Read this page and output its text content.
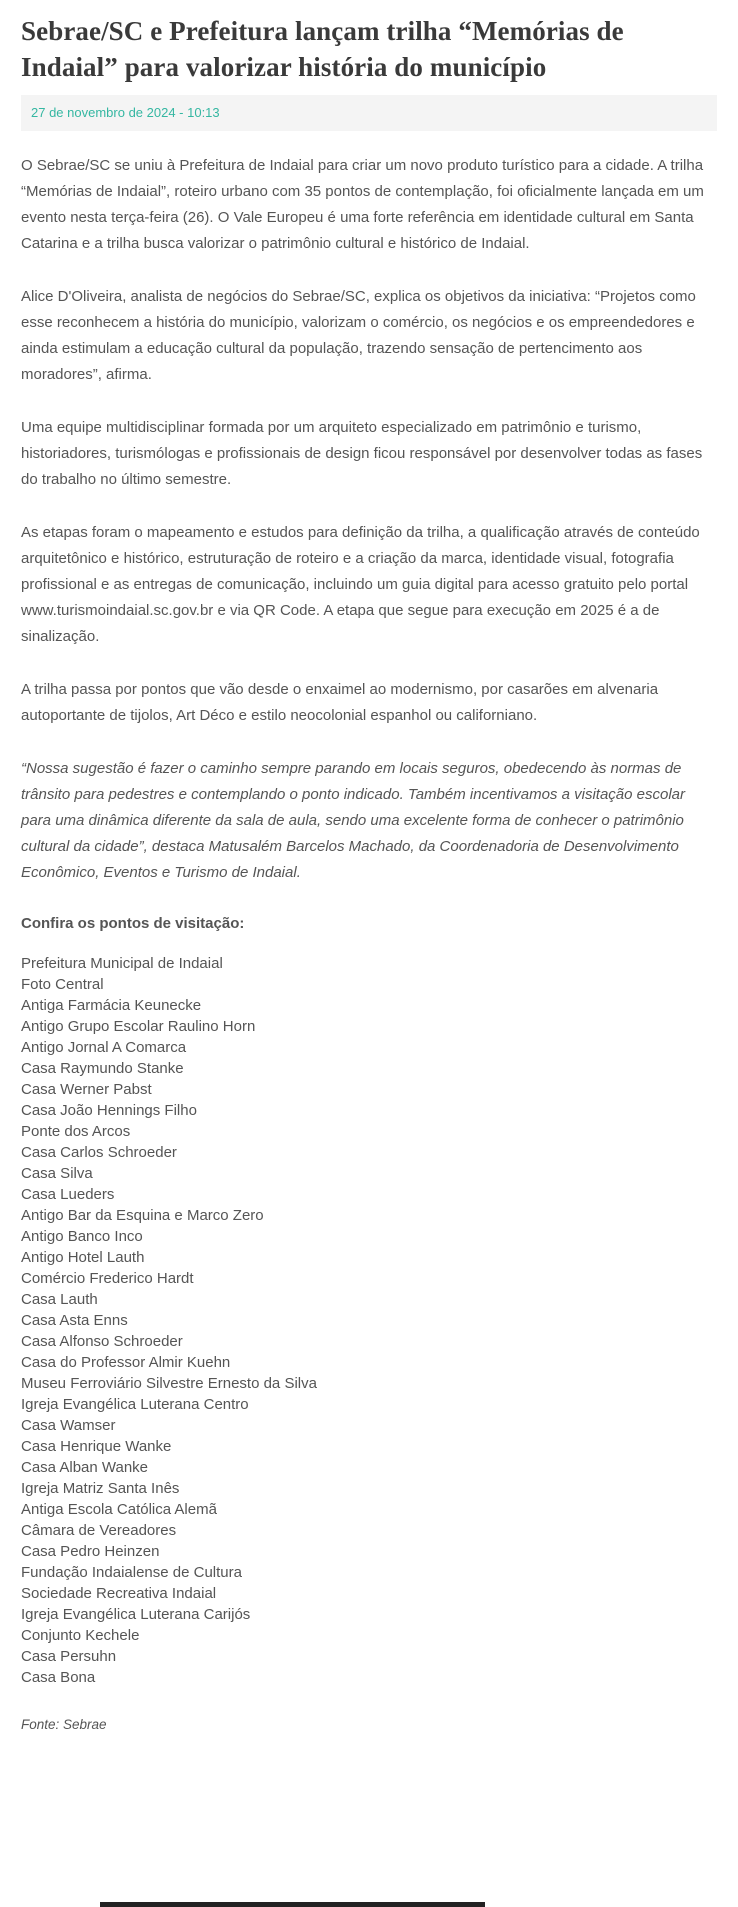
Sebrae/SC e Prefeitura lançam trilha “Memórias de Indaial” para valorizar história do município
27 de novembro de 2024 - 10:13

O Sebrae/SC se uniu à Prefeitura de Indaial para criar um novo produto turístico para a cidade. A trilha “Memórias de Indaial”, roteiro urbano com 35 pontos de contemplação, foi oficialmente lançada em um evento nesta terça-feira (26). O Vale Europeu é uma forte referência em identidade cultural em Santa Catarina e a trilha busca valorizar o patrimônio cultural e histórico de Indaial.

Alice D'Oliveira, analista de negócios do Sebrae/SC, explica os objetivos da iniciativa: “Projetos como esse reconhecem a história do município, valorizam o comércio, os negócios e os empreendedores e ainda estimulam a educação cultural da população, trazendo sensação de pertencimento aos moradores”, afirma.

Uma equipe multidisciplinar formada por um arquiteto especializado em patrimônio e turismo, historiadores, turismólogas e profissionais de design ficou responsável por desenvolver todas as fases do trabalho no último semestre.

As etapas foram o mapeamento e estudos para definição da trilha, a qualificação através de conteúdo arquitetônico e histórico, estruturação de roteiro e a criação da marca, identidade visual, fotografia profissional e as entregas de comunicação, incluindo um guia digital para acesso gratuito pelo portal www.turismoindaial.sc.gov.br e via QR Code. A etapa que segue para execução em 2025 é a de sinalização.

A trilha passa por pontos que vão desde o enxaimel ao modernismo, por casarões em alvenaria autoportante de tijolos, Art Déco e estilo neocolonial espanhol ou californiano.

“Nossa sugestão é fazer o caminho sempre parando em locais seguros, obedecendo às normas de trânsito para pedestres e contemplando o ponto indicado. Também incentivamos a visitação escolar para uma dinâmica diferente da sala de aula, sendo uma excelente forma de conhecer o patrimônio cultural da cidade”, destaca Matusalém Barcelos Machado, da Coordenadoria de Desenvolvimento Econômico, Eventos e Turismo de Indaial.

Confira os pontos de visitação:

Prefeitura Municipal de Indaial
Foto Central
Antiga Farmácia Keunecke
Antigo Grupo Escolar Raulino Horn
Antigo Jornal A Comarca
Casa Raymundo Stanke
Casa Werner Pabst
Casa João Hennings Filho
Ponte dos Arcos
Casa Carlos Schroeder
Casa Silva
Casa Lueders
Antigo Bar da Esquina e Marco Zero
Antigo Banco Inco
Antigo Hotel Lauth
Comércio Frederico Hardt
Casa Lauth
Casa Asta Enns
Casa Alfonso Schroeder
Casa do Professor Almir Kuehn
Museu Ferroviário Silvestre Ernesto da Silva
Igreja Evangélica Luterana Centro
Casa Wamser
Casa Henrique Wanke
Casa Alban Wanke
Igreja Matriz Santa Inês
Antiga Escola Católica Alemã
Câmara de Vereadores
Casa Pedro Heinzen
Fundação Indaialense de Cultura
Sociedade Recreativa Indaial
Igreja Evangélica Luterana Carijós
Conjunto Kechele
Casa Persuhn
Casa Bona

Fonte: Sebrae
